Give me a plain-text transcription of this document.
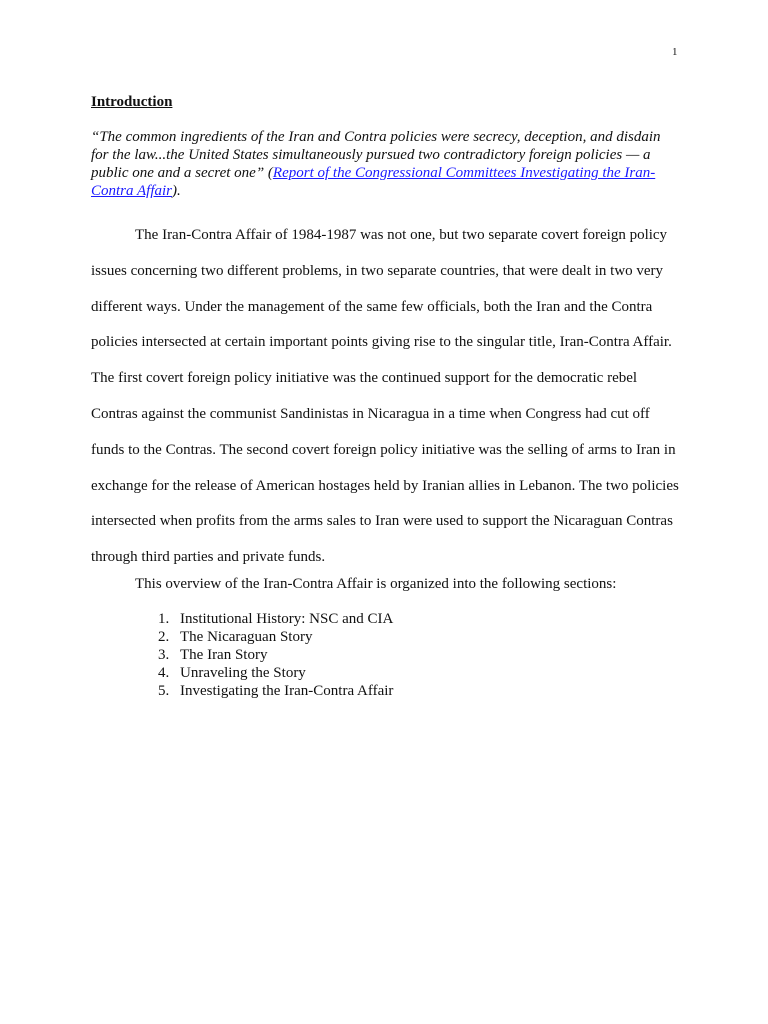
1
Introduction

“The common ingredients of the Iran and Contra policies were secrecy, deception, and disdain for the law...the United States simultaneously pursued two contradictory foreign policies — a public one and a secret one” (Report of the Congressional Committees Investigating the Iran-Contra Affair).

The Iran-Contra Affair of 1984-1987 was not one, but two separate covert foreign policy issues concerning two different problems, in two separate countries, that were dealt in two very different ways. Under the management of the same few officials, both the Iran and the Contra policies intersected at certain important points giving rise to the singular title, Iran-Contra Affair. The first covert foreign policy initiative was the continued support for the democratic rebel Contras against the communist Sandinistas in Nicaragua in a time when Congress had cut off funds to the Contras. The second covert foreign policy initiative was the selling of arms to Iran in exchange for the release of American hostages held by Iranian allies in Lebanon. The two policies intersected when profits from the arms sales to Iran were used to support the Nicaraguan Contras through third parties and private funds.

This overview of the Iran-Contra Affair is organized into the following sections:

1. Institutional History: NSC and CIA
2. The Nicaraguan Story
3. The Iran Story
4. Unraveling the Story
5. Investigating the Iran-Contra Affair
